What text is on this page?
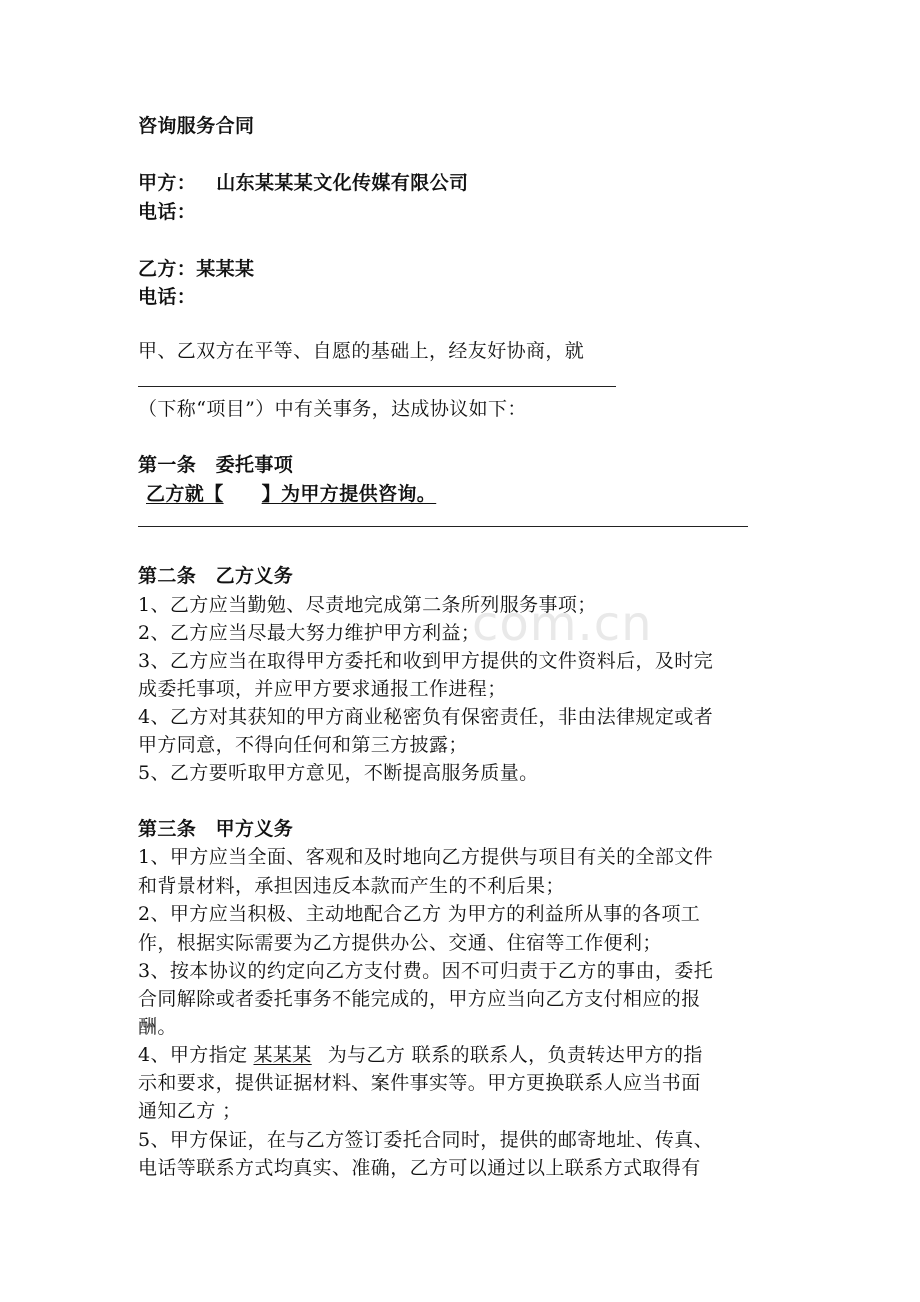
com.cn
咨询服务合同
甲方： 山东某某某文化传媒有限公司
电话：
乙方：某某某
电话：
甲、乙双方在平等、自愿的基础上，经友好协商，就
（下称“项目”）中有关事务，达成协议如下：
第一条　委托事项
乙方就【 】为甲方提供咨询。
第二条　乙方义务
1、乙方应当勤勉、尽责地完成第二条所列服务事项；
2、乙方应当尽最大努力维护甲方利益；
3、乙方应当在取得甲方委托和收到甲方提供的文件资料后，及时完
成委托事项，并应甲方要求通报工作进程；
4、乙方对其获知的甲方商业秘密负有保密责任，非由法律规定或者
甲方同意，不得向任何和第三方披露；
5、乙方要听取甲方意见，不断提高服务质量。
第三条　甲方义务
1、甲方应当全面、客观和及时地向乙方提供与项目有关的全部文件
和背景材料，承担因违反本款而产生的不利后果；
2、甲方应当积极、主动地配合乙方 为甲方的利益所从事的各项工
作，根据实际需要为乙方提供办公、交通、住宿等工作便利；
3、按本协议的约定向乙方支付费。因不可归责于乙方的事由，委托
合同解除或者委托事务不能完成的，甲方应当向乙方支付相应的报
酬。
4、甲方指定 某某某 为与乙方 联系的联系人，负责转达甲方的指
示和要求，提供证据材料、案件事实等。甲方更换联系人应当书面
通知乙方 ；
5、甲方保证，在与乙方签订委托合同时，提供的邮寄地址、传真、
电话等联系方式均真实、准确，乙方可以通过以上联系方式取得有
